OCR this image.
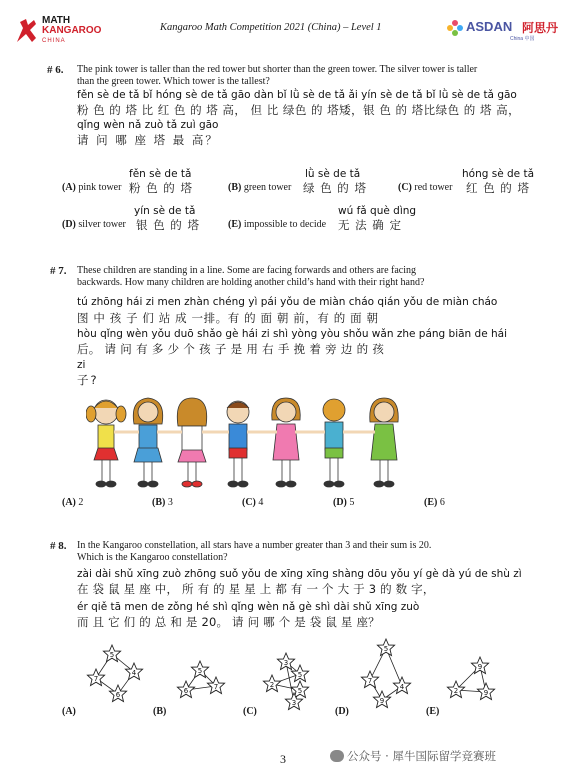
MATH
KANGAROO
CHINA
Kangaroo Math Competition 2021 (China) – Level 1	ASDAN 阿思丹
China 中国
# 6. The pink tower is taller than the red tower but shorter than the green tower. The silver tower is taller
than the green tower. Which tower is the tallest?
fěn sè de tǎ bǐ hóng sè de tǎ gāo dàn bǐ lǜ sè de tǎ ǎi yín sè de tǎ bǐ lǜ sè de tǎ gāo
粉 色 的 塔 比 红 色 的 塔 高， 但 比 绿色 的 塔矮，银 色 的 塔比绿色 的 塔 高，
qǐng wèn nǎ zuò tǎ zuì gāo
请 问 哪 座 塔 最 高？
fěn sè de tǎ
(A) pink tower 粉 色 的 塔
lǜ sè de tǎ
(B) green tower 绿 色 的 塔
hóng sè de tǎ
(C) red tower 红 色 的 塔
yín sè de tǎ
(D) silver tower 银 色 的 塔
wú fǎ què dìng
(E) impossible to decide 无 法 确 定
# 7. These children are standing in a line. Some are facing forwards and others are facing
backwards. How many children are holding another child’s hand with their right hand?
tú zhōng hái zi men zhàn chéng yì pái yǒu de miàn cháo qián yǒu de miàn cháo
图 中 孩 子 们 站 成 一排。有 的 面 朝 前，有 的 面 朝
hòu qǐng wèn yǒu duō shǎo gè hái zi shì yòng yòu shǒu wǎn zhe páng biān de hái
后。 请 问 有 多 少 个 孩 子 是 用 右 手 挽 着 旁 边 的 孩
zi
子?
(A) 2	(B) 3	(C) 4	(D) 5	(E) 6
# 8. In the Kangaroo constellation, all stars have a number greater than 3 and their sum is 20.
Which is the Kangaroo constellation?
zài dài shǔ xīng zuò zhōng suǒ yǒu de xīng xīng shàng dōu yǒu yí gè dà yú de shù zì
在 袋 鼠 星 座 中， 所 有 的 星 星 上 都 有 一 个 大 于 3 的 数 字，
ér qiě tā men de zǒng hé shì qǐng wèn nǎ gè shì dài shǔ xīng zuò
而 且 它 们 的 总 和 是 20。 请 问 哪 个 是 袋 鼠 星 座？
5
4
7
6
5
6	7
3
5
2
5
3
5
7
4
9
9
2	9
(A)	(B)	(C)	(D)	(E)
3	公众号 · 犀牛国际留学竞赛班
